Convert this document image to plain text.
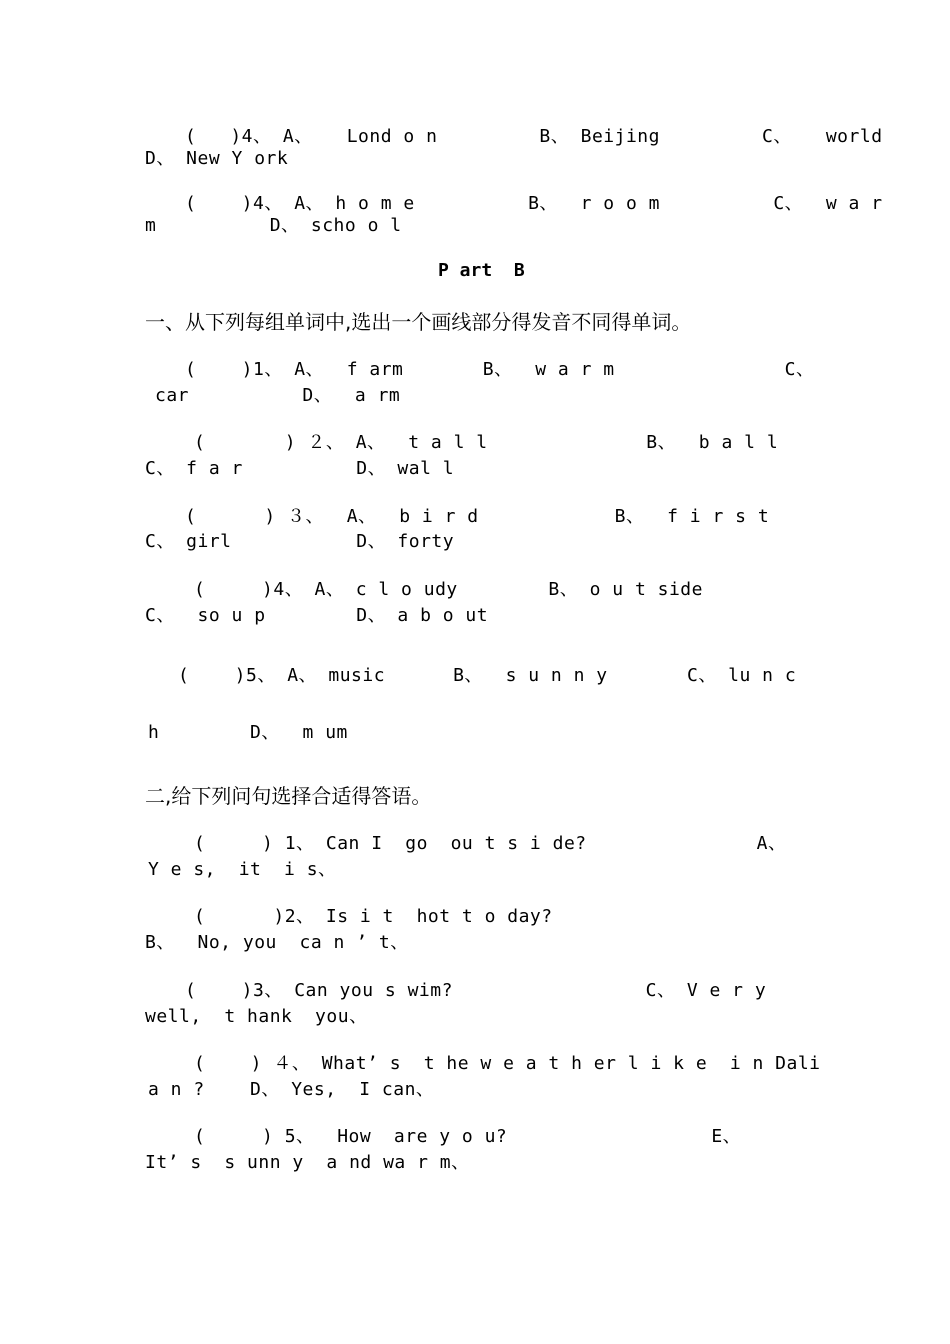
(   )4、 A、   Lond o n         B、 Beijing         C、   world
D、 New Y ork
(    )4、 A、 h o m e          B、  r o o m          C、  w a r
m          D、 scho o l
P art  B
一、从下列每组单词中,选出一个画线部分得发音不同得单词。
(    )1、 A、  f arm       B、  w a r m               C、
car          D、  a rm
(       ) ２、 A、  t a l l              B、  b a l l
C、 f a r          D、 wal l
(      ) ３、  A、  b i r d            B、  f i r s t
C、 girl           D、 forty
(     )4、 A、 c l o udy        B、 o u t side
C、  so u p        D、 a b o ut
(    )5、 A、 music      B、  s u n n y       C、 lu n c
h        D、  m um
二,给下列问句选择合适得答语。
(     ) 1、 Can I  go  ou t s i de?               A、
Y e s,  it  i s、
(      )2、 Is i t  hot t o day?
B、  No, you  ca n ’ t、
(    )3、 Can you s wim?                 C、 V e r y
well,  t hank  you、
(    ) ４、 What’ s  t he w e a t h er l i k e  i n Dali
a n ?    D、 Yes,  I can、
(     ) 5、  How  are y o u?                  E、
It’ s  s unn y  a nd wa r m、
